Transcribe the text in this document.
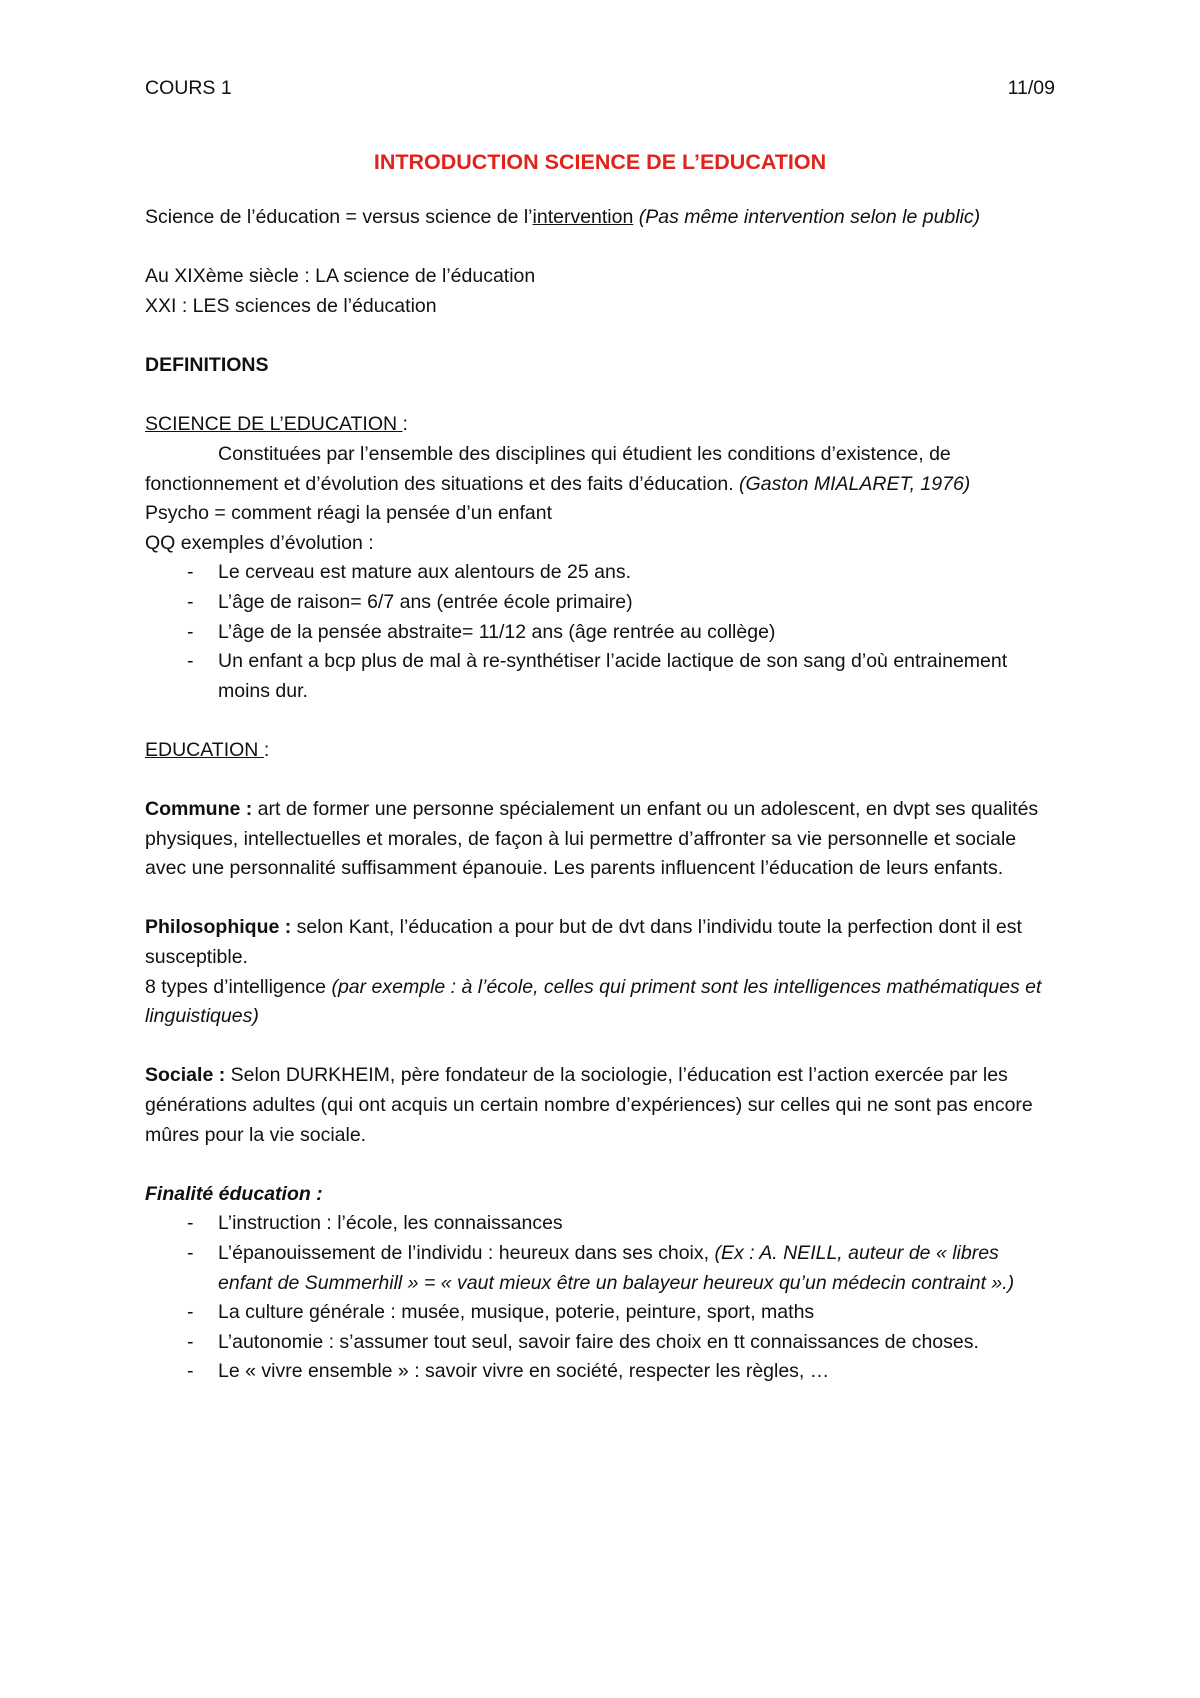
COURS 1	11/09
INTRODUCTION SCIENCE DE L’EDUCATION

Science de l’éducation = versus science de l’intervention (Pas même intervention selon le public)

Au XIXème siècle : LA science de l’éducation
XXI : LES sciences de l’éducation
DEFINITIONS
SCIENCE DE L’EDUCATION :

Constituées par l’ensemble des disciplines qui étudient les conditions d’existence, de fonctionnement et d’évolution des situations et des faits d’éducation. (Gaston MIALARET, 1976)

Psycho = comment réagi la pensée d’un enfant
QQ exemples d’évolution :
- Le cerveau est mature aux alentours de 25 ans.
- L’âge de raison= 6/7 ans (entrée école primaire)
- L’âge de la pensée abstraite= 11/12 ans (âge rentrée au collège)
- Un enfant a bcp plus de mal à re-synthétiser l’acide lactique de son sang d’où entrainement moins dur.
EDUCATION :

Commune : art de former une personne spécialement un enfant ou un adolescent, en dvpt ses qualités physiques, intellectuelles et morales, de façon à lui permettre d’affronter sa vie personnelle et sociale avec une personnalité suffisamment épanouie. Les parents influencent l’éducation de leurs enfants.

Philosophique : selon Kant, l’éducation a pour but de dvt dans l’individu toute la perfection dont il est susceptible.

8 types d’intelligence (par exemple : à l’école, celles qui priment sont les intelligences mathématiques et linguistiques)

Sociale : Selon DURKHEIM, père fondateur de la sociologie, l’éducation est l’action exercée par les générations adultes (qui ont acquis un certain nombre d’expériences) sur celles qui ne sont pas encore mûres pour la vie sociale.

Finalité éducation :
- L’instruction : l’école, les connaissances
- L’épanouissement de l’individu : heureux dans ses choix, (Ex : A. NEILL, auteur de « libres enfant de Summerhill » = « vaut mieux être un balayeur heureux qu’un médecin contraint ».)
- La culture générale : musée, musique, poterie, peinture, sport, maths
- L’autonomie : s’assumer tout seul, savoir faire des choix en tt connaissances de choses.
- Le « vivre ensemble » : savoir vivre en société, respecter les règles, …
